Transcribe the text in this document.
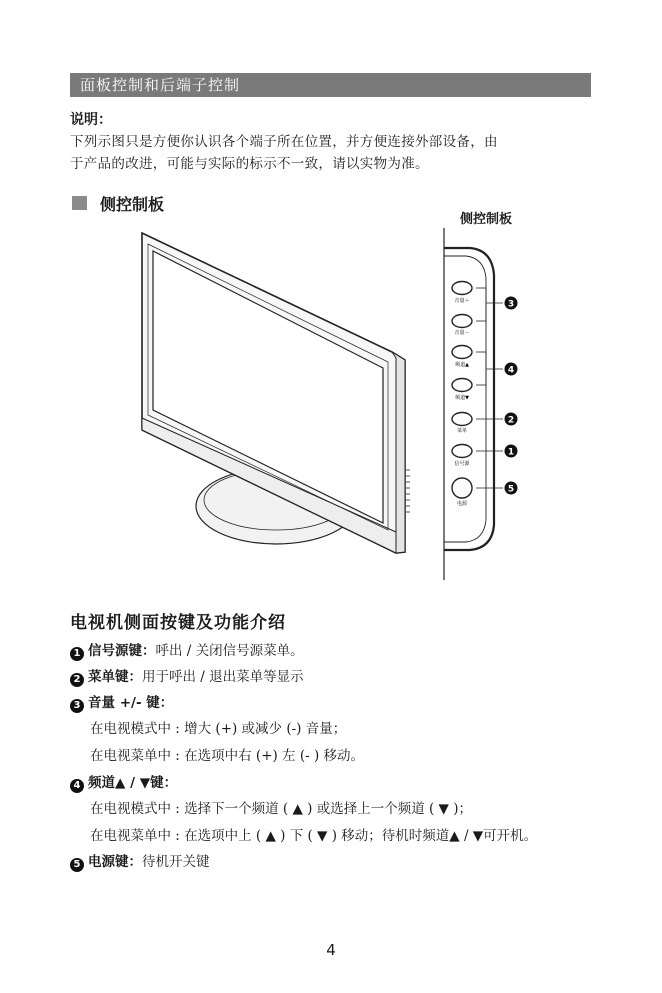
面板控制和后端子控制
说明：
下列示图只是方便你认识各个端子所在位置，并方便连接外部设备，由
于产品的改进，可能与实际的标示不一致，请以实物为准。
侧控制板
侧控制板
音量＋
音量－
频道▲
频道▼
菜单
信号源
电源
3
4
2
1
5
电视机侧面按键及功能介绍
1 信号源键：呼出 / 关闭信号源菜单。
2 菜单键：用于呼出 / 退出菜单等显示
3 音量 +/- 键：
在电视模式中 : 增大 (+) 或减少 (-) 音量；
在电视菜单中 : 在选项中右 (+) 左 (- ) 移动。
4 频道▲ / ▼键：
在电视模式中 : 选择下一个频道 ( ▲ ) 或选择上一个频道 ( ▼ )；
在电视菜单中 : 在选项中上 ( ▲ ) 下 ( ▼ ) 移动；待机时频道▲ / ▼可开机。
5 电源键：待机开关键
4
